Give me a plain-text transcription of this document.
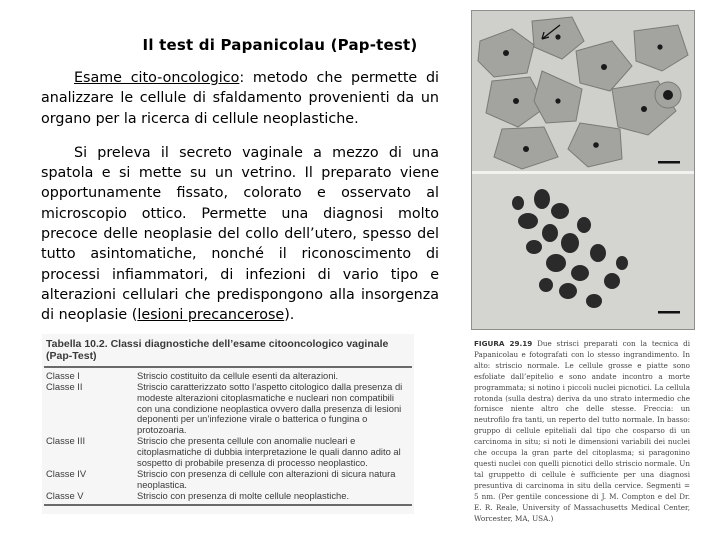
Il test di Papanicolau (Pap-test)

Esame cito-oncologico: metodo che permette di analizzare le cellule di sfaldamento provenienti da un organo per la ricerca di cellule neoplastiche.

Si preleva il secreto vaginale a mezzo di una spatola e si mette su un vetrino. Il preparato viene opportunamente fissato, colorato e osservato al microscopio ottico. Permette una diagnosi molto precoce delle neoplasie del collo dell’utero, spesso del tutto asintomatiche, nonché il riconoscimento di processi infiammatori, di infezioni di vario tipo e alterazioni cellulari che predispongono alla insorgenza di neoplasie (lesioni precancerose).

FIGURA 29.19 Due strisci preparati con la tecnica di Papanicolau e fotografati con lo stesso ingrandimento. In alto: striscio normale. Le cellule grosse e piatte sono esfoliate dall’epitelio e sono andate incontro a morte programmata; si notino i piccoli nuclei picnotici. La cellula rotonda (sulla destra) deriva da uno strato intermedio che fornisce niente altro che delle stesse. Freccia: un neutrofilo fra tanti, un reperto del tutto normale. In basso: gruppo di cellule epiteliali dal tipo che cosparso di un carcinoma in situ; si noti le dimensioni variabili dei nuclei che occupa la gran parte del citoplasma; si paragonino questi nuclei con quelli picnotici dello striscio normale. Un tal gruppetto di cellule è sufficiente per una diagnosi presuntiva di carcinoma in situ della cervice. Segmenti = 5 nm. (Per gentile concessione di J. M. Compton e del Dr. E. R. Reale, University of Massachusetts Medical Center, Worcester, MA, USA.)
Tabella 10.2. Classi diagnostiche dell’esame citooncologico vaginale
(Pap-Test)
Classe I	Striscio costituito da cellule esenti da alterazioni.
Classe II	Striscio caratterizzato sotto l’aspetto citologico dalla presenza di modeste alterazioni citoplasmatiche e nucleari non compatibili con una condizione neoplastica ovvero dalla presenza di lesioni deponenti per un’infezione virale o batterica o fungina o protozoaria.
Classe III	Striscio che presenta cellule con anomalie nucleari e citoplasmatiche di dubbia interpretazione le quali danno adito al sospetto di probabile presenza di processo neoplastico.
Classe IV	Striscio con presenza di cellule con alterazioni di sicura natura neoplastica.
Classe V	Striscio con presenza di molte cellule neoplastiche.
